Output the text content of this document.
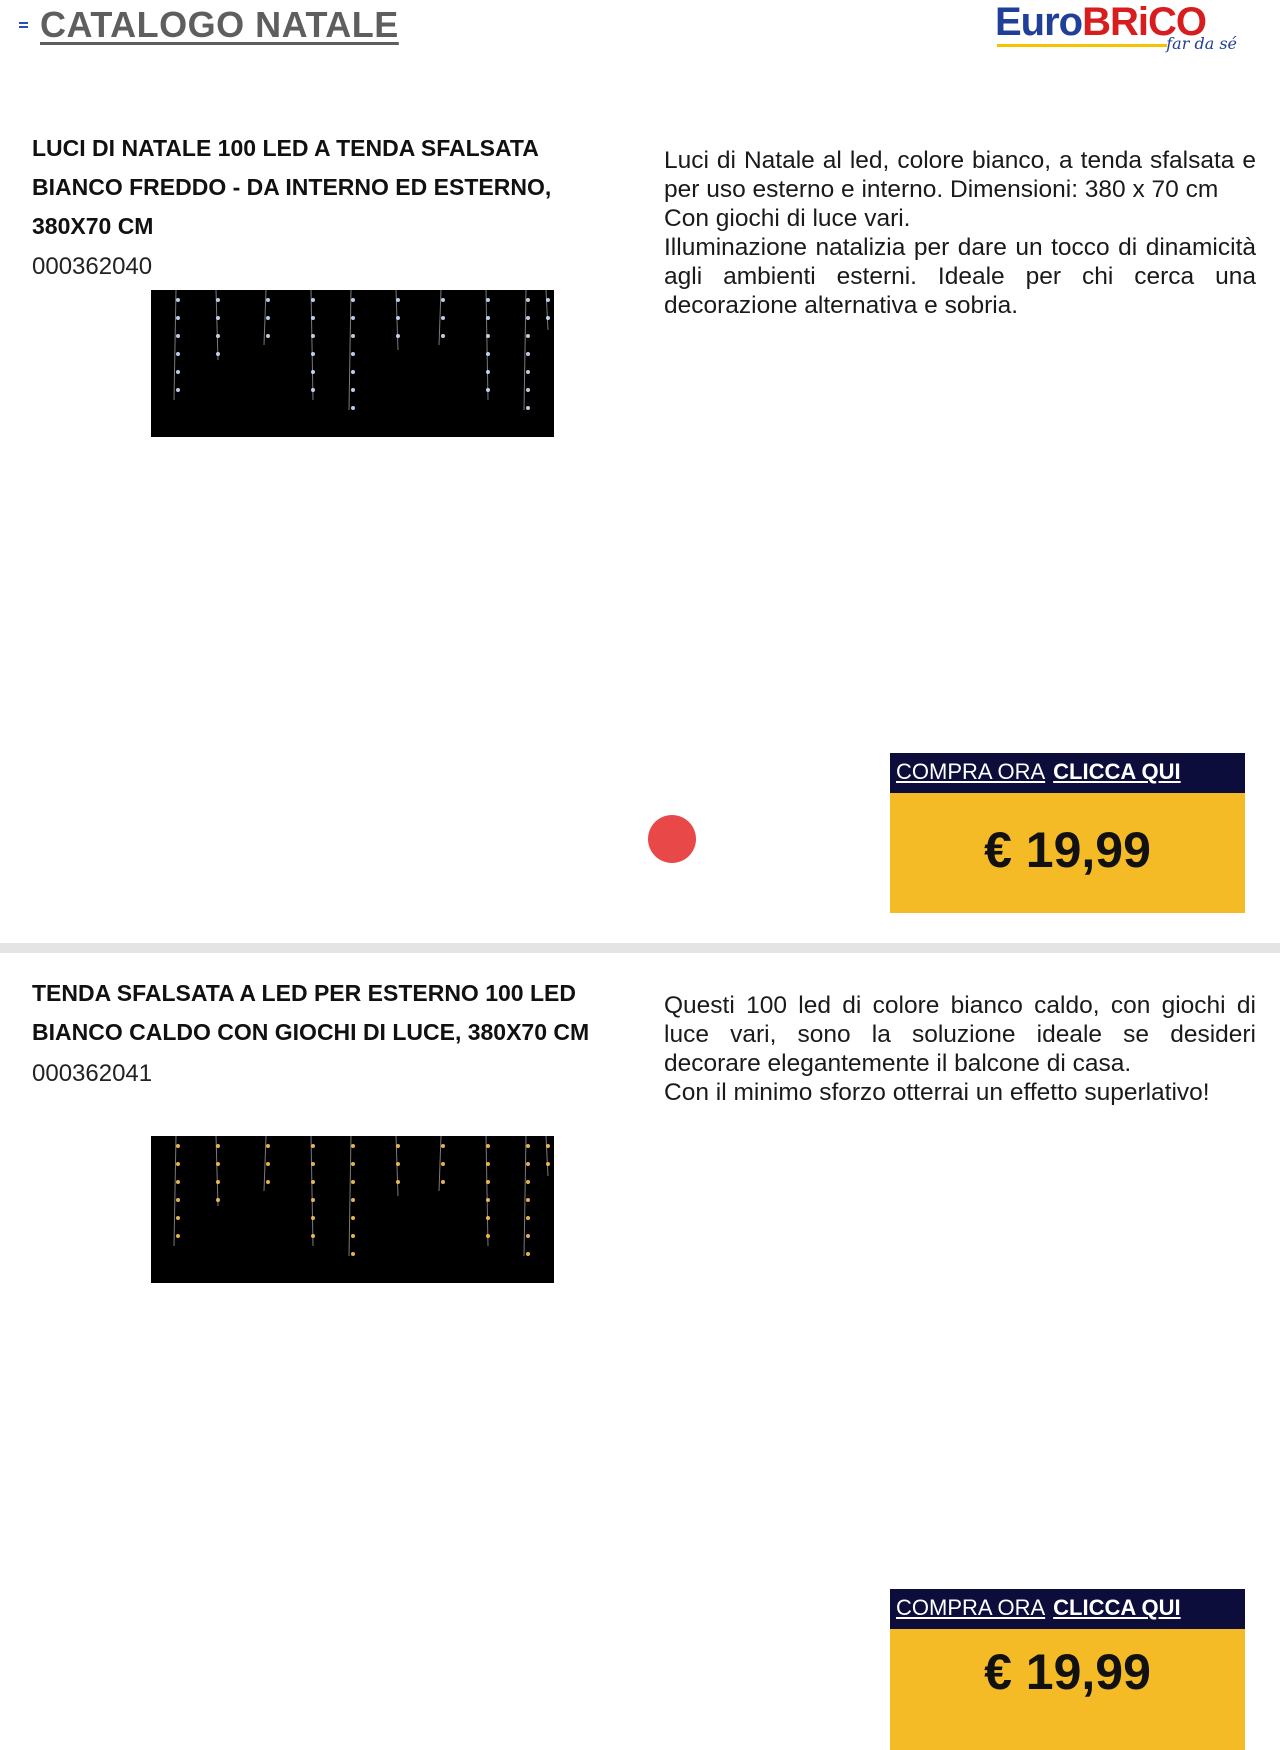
CATALOGO NATALE	EuroBRiCO
far da sé
LUCI DI NATALE 100 LED A TENDA SFALSATA
BIANCO FREDDO - DA INTERNO ED ESTERNO,
380X70 CM
000362040

Luci di Natale al led, colore bianco, a tenda sfalsata e per uso esterno e interno. Dimensioni: 380 x 70 cm

Con giochi di luce vari.

Illuminazione natalizia per dare un tocco di dinamicità agli ambienti esterni. Ideale per chi cerca una decorazione alternativa e sobria.

COMPRA ORA CLICCA QUI
€ 19,99
TENDA SFALSATA A LED PER ESTERNO 100 LED
BIANCO CALDO CON GIOCHI DI LUCE, 380X70 CM
000362041

Questi 100 led di colore bianco caldo, con giochi di luce vari, sono la soluzione ideale se desideri decorare elegantemente il balcone di casa.

Con il minimo sforzo otterrai un effetto superlativo!

COMPRA ORA CLICCA QUI
€ 19,99
